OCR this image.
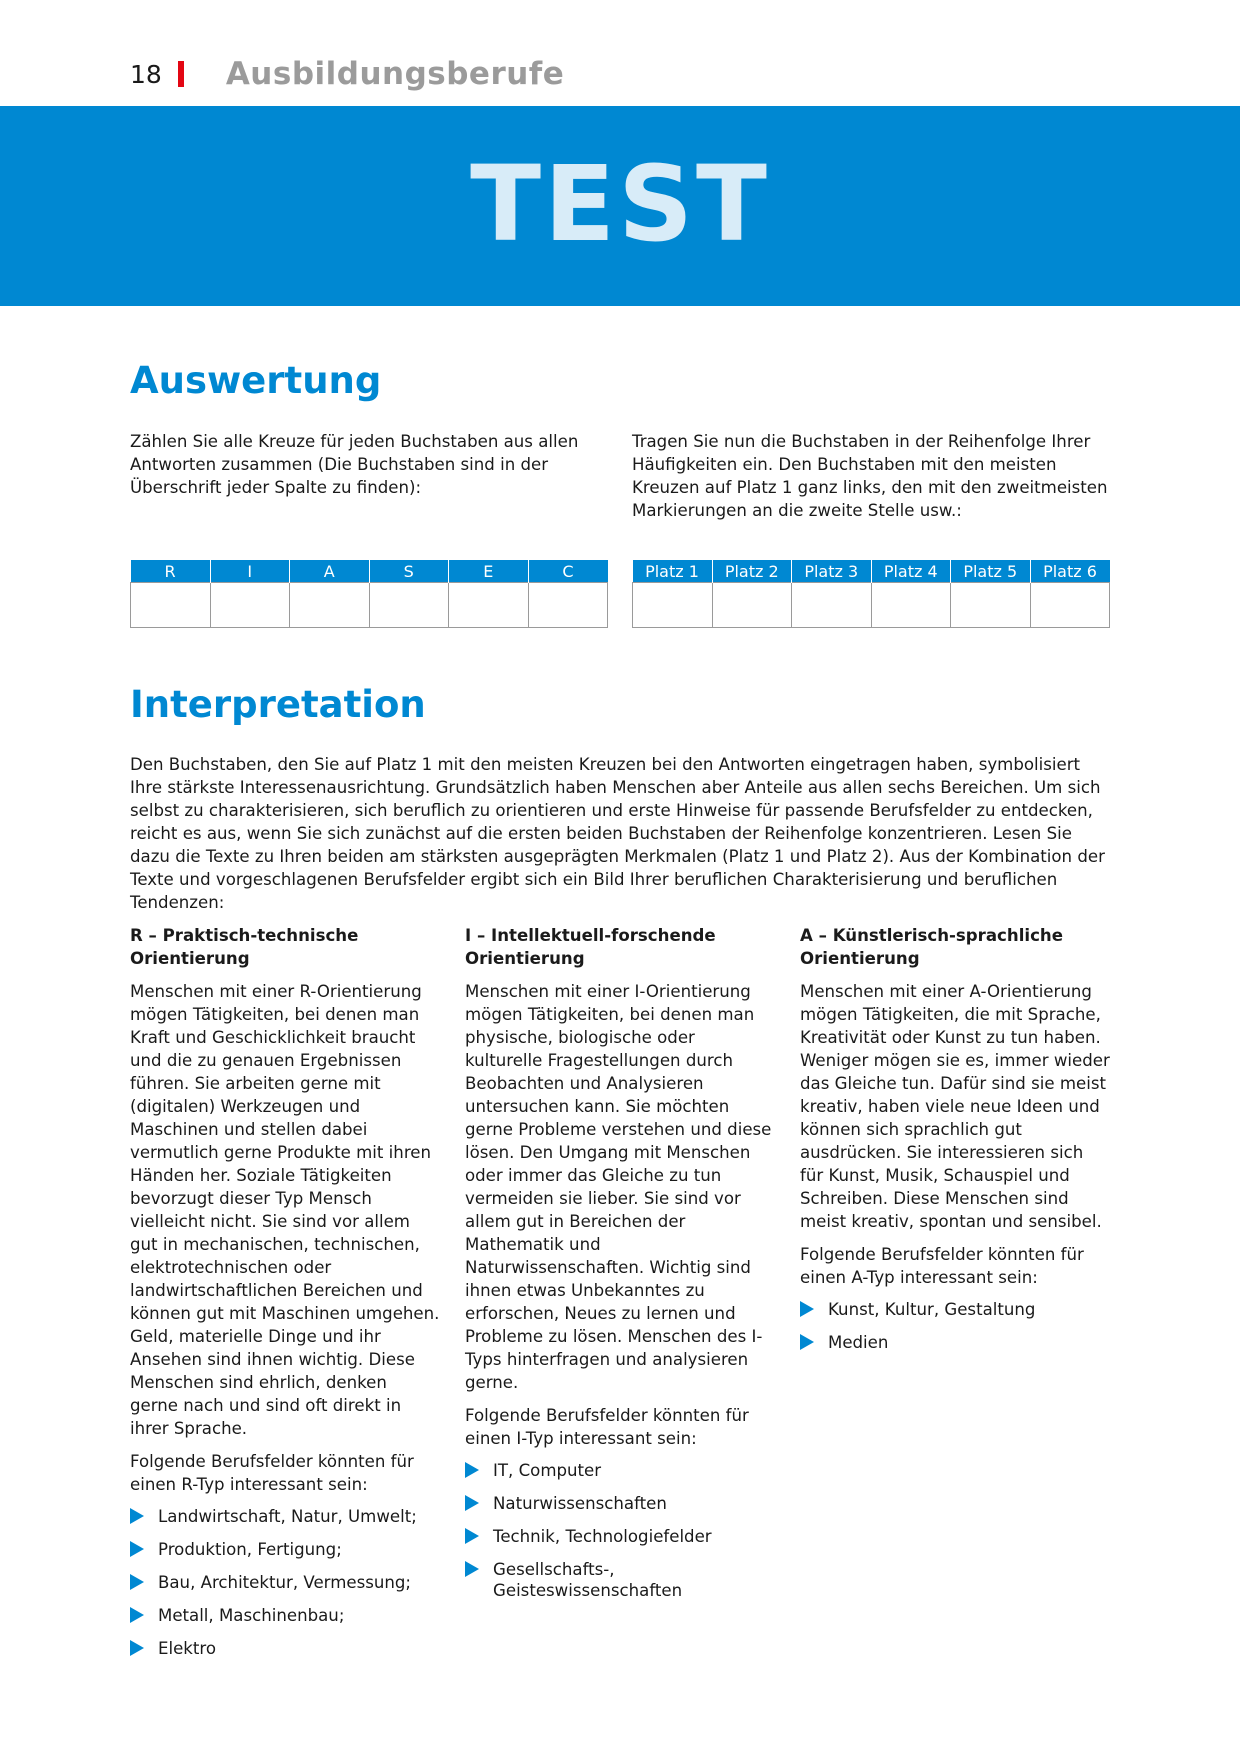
18 Ausbildungsberufe
TEST
Auswertung

Zählen Sie alle Kreuze für jeden Buchstaben aus allen Antworten zusammen (Die Buchstaben sind in der Überschrift jeder Spalte zu finden):

Tragen Sie nun die Buchstaben in der Reihenfolge Ihrer Häufigkeiten ein. Den Buchstaben mit den meisten Kreuzen auf Platz 1 ganz links, den mit den zweitmeisten Markierungen an die zweite Stelle usw.:

R	I	A	S	E	C
						Platz 1	Platz 2	Platz 3	Platz 4	Platz 5	Platz 6

Interpretation

Den Buchstaben, den Sie auf Platz 1 mit den meisten Kreuzen bei den Antworten eingetragen haben, symbolisiert Ihre stärkste Interessenausrichtung. Grundsätzlich haben Menschen aber Anteile aus allen sechs Bereichen. Um sich selbst zu charakterisieren, sich beruflich zu orientieren und erste Hinweise für passende Berufsfelder zu entdecken, reicht es aus, wenn Sie sich zunächst auf die ersten beiden Buchstaben der Reihenfolge konzentrieren. Lesen Sie dazu die Texte zu Ihren beiden am stärksten ausgeprägten Merkmalen (Platz 1 und Platz 2). Aus der Kombination der Texte und vorgeschlagenen Berufsfelder ergibt sich ein Bild Ihrer beruflichen Charakterisierung und beruflichen Tendenzen:

R – Praktisch-technische
Orientierung

Menschen mit einer R-Orientierung mögen Tätigkeiten, bei denen man Kraft und Geschicklichkeit braucht und die zu genauen Ergebnissen führen. Sie arbeiten gerne mit (digitalen) Werkzeugen und Maschinen und stellen dabei vermutlich gerne Produkte mit ihren Händen her. Soziale Tätigkeiten bevorzugt dieser Typ Mensch vielleicht nicht. Sie sind vor allem gut in mechanischen, technischen, elektrotechnischen oder landwirtschaftlichen Bereichen und können gut mit Maschinen umgehen. Geld, materielle Dinge und ihr Ansehen sind ihnen wichtig. Diese Menschen sind ehrlich, denken gerne nach und sind oft direkt in ihrer Sprache.

Folgende Berufsfelder könnten für einen R-Typ interessant sein:

Landwirtschaft, Natur, Umwelt;
Produktion, Fertigung;
Bau, Architektur, Vermessung;
Metall, Maschinenbau;
Elektro

I – Intellektuell-forschende
Orientierung

Menschen mit einer I-Orientierung mögen Tätigkeiten, bei denen man physische, biologische oder kulturelle Fragestellungen durch Beobachten und Analysieren untersuchen kann. Sie möchten gerne Probleme verstehen und diese lösen. Den Umgang mit Menschen oder immer das Gleiche zu tun vermeiden sie lieber. Sie sind vor allem gut in Bereichen der Mathematik und Naturwissenschaften. Wichtig sind ihnen etwas Unbekanntes zu erforschen, Neues zu lernen und Probleme zu lösen. Menschen des I-Typs hinterfragen und analysieren gerne.

Folgende Berufsfelder könnten für einen I-Typ interessant sein:

IT, Computer
Naturwissenschaften
Technik, Technologiefelder
Gesellschafts-, Geisteswissenschaften

A – Künstlerisch-sprachliche
Orientierung

Menschen mit einer A-Orientierung mögen Tätigkeiten, die mit Sprache, Kreativität oder Kunst zu tun haben. Weniger mögen sie es, immer wieder das Gleiche tun. Dafür sind sie meist kreativ, haben viele neue Ideen und können sich sprachlich gut ausdrücken. Sie interessieren sich für Kunst, Musik, Schauspiel und Schreiben. Diese Menschen sind meist kreativ, spontan und sensibel.

Folgende Berufsfelder könnten für einen A-Typ interessant sein:

Kunst, Kultur, Gestaltung
Medien
